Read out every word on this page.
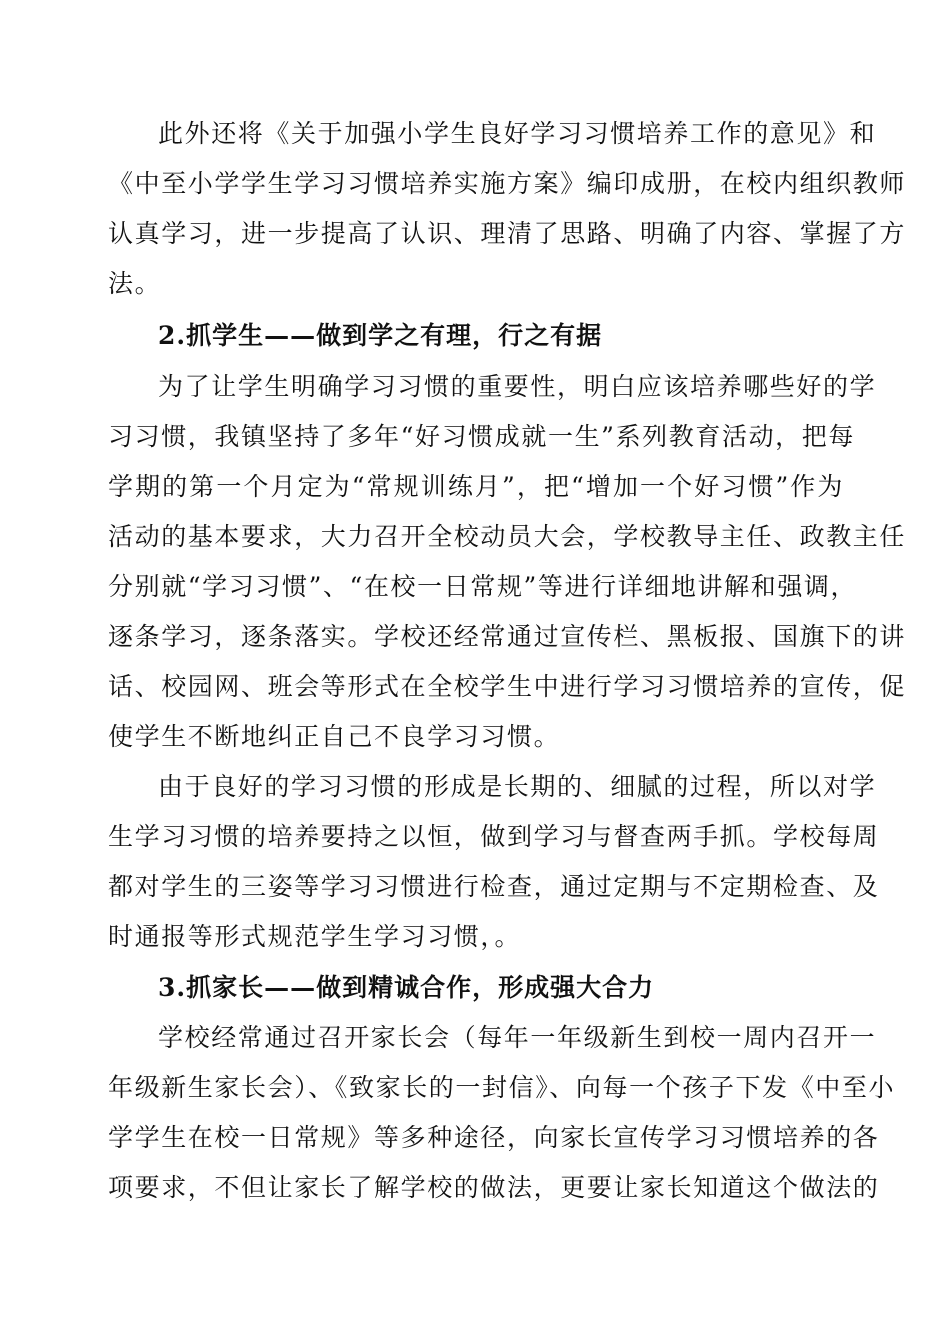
此外还将《关于加强小学生良好学习习惯培养工作的意见》和
《中至小学学生学习习惯培养实施方案》编印成册，在校内组织教师
认真学习，进一步提高了认识、理清了思路、明确了内容、掌握了方
法。
2.抓学生——做到学之有理，行之有据
为了让学生明确学习习惯的重要性，明白应该培养哪些好的学
习习惯，我镇坚持了多年“好习惯成就一生”系列教育活动，把每
学期的第一个月定为“常规训练月”，把“增加一个好习惯”作为
活动的基本要求，大力召开全校动员大会，学校教导主任、政教主任
分别就“学习习惯”、“在校一日常规”等进行详细地讲解和强调，
逐条学习，逐条落实。学校还经常通过宣传栏、黑板报、国旗下的讲
话、校园网、班会等形式在全校学生中进行学习习惯培养的宣传，促
使学生不断地纠正自己不良学习习惯。
由于良好的学习习惯的形成是长期的、细腻的过程，所以对学
生学习习惯的培养要持之以恒，做到学习与督查两手抓。学校每周
都对学生的三姿等学习习惯进行检查，通过定期与不定期检查、及
时通报等形式规范学生学习习惯，。
3.抓家长——做到精诚合作，形成强大合力
学校经常通过召开家长会（每年一年级新生到校一周内召开一
年级新生家长会）、《致家长的一封信》、向每一个孩子下发《中至小
学学生在校一日常规》等多种途径，向家长宣传学习习惯培养的各
项要求，不但让家长了解学校的做法，更要让家长知道这个做法的
